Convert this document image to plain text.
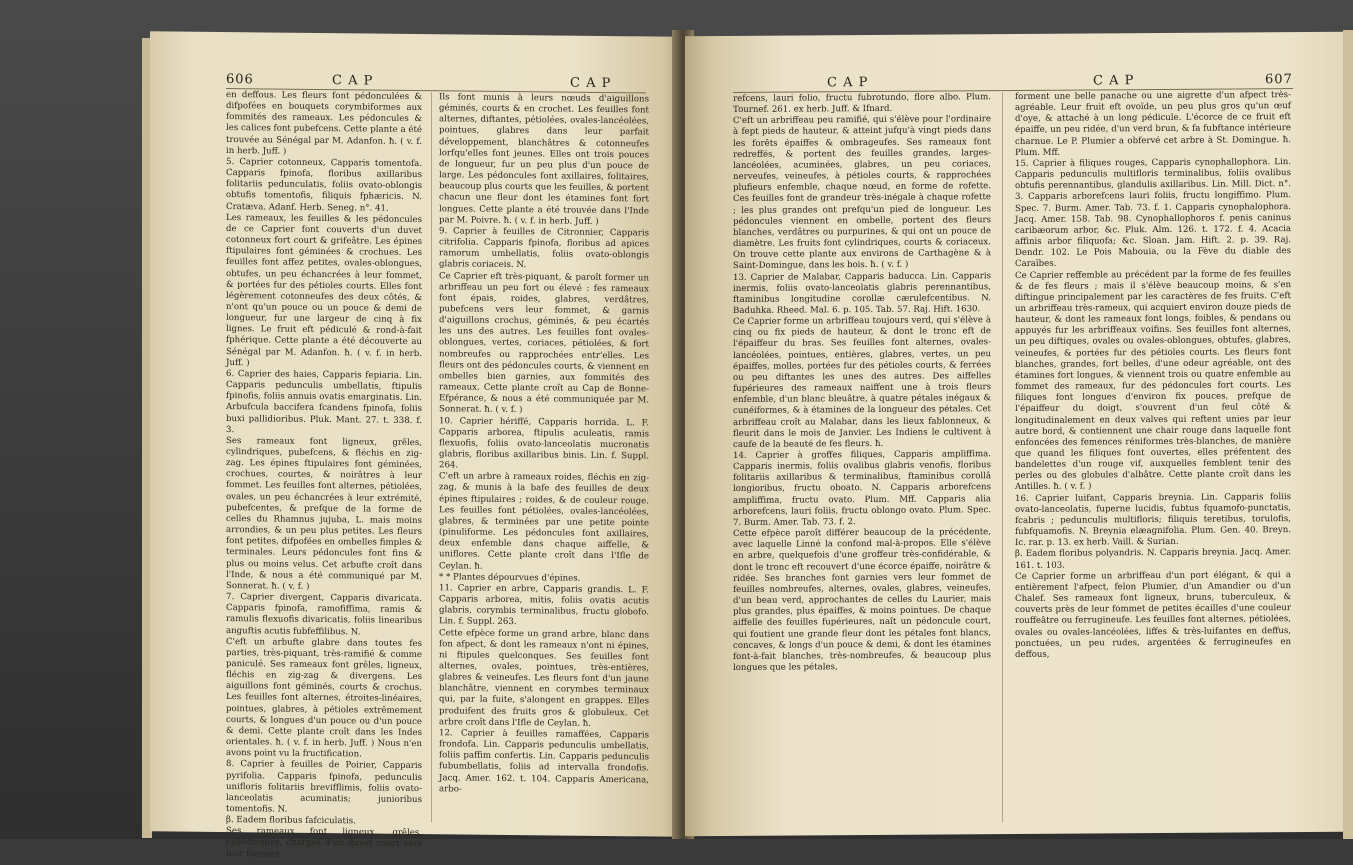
606	C A P	C A P
en deffous. Les fleurs font pédonculées & difpofées en bouquets corymbiformes aux fommités des rameaux. Les pédoncules & les calices font pubefcens. Cette plante a été trouvée au Sénégal par M. Adanfon. ħ. ( v. f. in herb. Juff. )
5. Caprier cotonneux, Capparis tomentofa. Capparis fpinofa, floribus axillaribus folitariis pedunculatis, foliis ovato-oblongis obtufis tomentofis, filiquis fphæricis. N. Cratæva. Adanf. Herb. Seneg. n°. 41.
Les rameaux, les feuilles & les pédoncules de ce Caprier font couverts d'un duvet cotonneux fort court & grifeâtre. Les épines ftipulaires font géminées & crochues. Les feuilles font affez petites, ovales-oblongues, obtufes, un peu échancrées à leur fommet, & portées fur des pétioles courts. Elles font légèrement cotonneufes des deux côtés, & n'ont qu'un pouce ou un pouce & demi de longueur, fur une largeur de cinq à fix lignes. Le fruit eft pédiculé & rond-à-fait fphérique. Cette plante a été découverte au Sénégal par M. Adanfon. ħ. ( v. f. in herb. Juff. )
6. Caprier des haies, Capparis fepiaria. Lin. Capparis pedunculis umbellatis, ftipulis fpinofis, foliis annuis ovatis emarginatis. Lin. Arbufcula baccifera fcandens fpinofa, foliis buxi pallidioribus. Pluk. Mant. 27. t. 338. f. 3.
Ses rameaux font ligneux, grêles, cylindriques, pubefcens, & fléchis en zig-zag. Les épines ftipulaires font géminées, crochues, courtes, & noirâtres à leur fommet. Les feuilles font alternes, pétiolées, ovales, un peu échancrées à leur extrémité, pubefcentes, & prefque de la forme de celles du Rhamnus jujuba, L. mais moins arrondies, & un peu plus petites. Les fleurs font petites, difpofées en ombelles fimples & terminales. Leurs pédoncules font fins & plus ou moins velus. Cet arbufte croît dans l'Inde, & nous a été communiqué par M. Sonnerat. ħ. ( v. f. )
7. Caprier divergent, Capparis divaricata. Capparis fpinofa, ramofiffima, ramis & ramulis flexuofis divaricatis, foliis linearibus anguftis acutis fubfeffilibus. N.
C'eft un arbufte glabre dans toutes fes parties, très-piquant, très-ramifié & comme paniculé. Ses rameaux font grêles, ligneux, fléchis en zig-zag & divergens. Les aiguillons font géminés, courts & crochus. Les feuilles font alternes, étroites-linéaires, pointues, glabres, à pétioles extrêmement courts, & longues d'un pouce ou d'un pouce & demi. Cette plante croît dans les Indes orientales. ħ. ( v. f. in herb. Juff. ) Nous n'en avons point vu la fructification.
8. Caprier à feuilles de Poirier, Capparis pyrifolia. Capparis fpinofa, pedunculis unifloris folitariis brevifflimis, foliis ovato-lanceolatis acuminatis; junioribus tomentofis. N.
β. Eadem floribus fafciculatis.
Ses rameaux font ligneux, grêles, cylindriques, chargés d'un duvet court vers leur fommet.
Ils font munis à leurs nœuds d'aiguillons géminés, courts & en crochet. Les feuilles font alternes, diftantes, pétiolées, ovales-lancéolées, pointues, glabres dans leur parfait développement, blanchâtres & cotonneufes lorfqu'elles font jeunes. Elles ont trois pouces de longueur, fur un peu plus d'un pouce de large. Les pédoncules font axillaires, folitaires, beaucoup plus courts que les feuilles, & portent chacun une fleur dont les étamines font fort longues. Cette plante a été trouvée dans l'Inde par M. Poivre. ħ. ( v. f. in herb. Juff. )
9. Caprier à feuilles de Citronnier, Capparis citrifolia. Capparis fpinofa, floribus ad apices ramorum umbellatis, foliis ovato-oblongis glabris coriaceis. N.
Ce Caprier eft très-piquant, & paroît former un arbriffeau un peu fort ou élevé : fes rameaux font épais, roides, glabres, verdâtres, pubefcens vers leur fommet, & garnis d'aiguillons crochus, géminés, & peu écartés les uns des autres. Les feuilles font ovales-oblongues, vertes, coriaces, pétiolées, & fort nombreufes ou rapprochées entr'elles. Les fleurs ont des pédoncules courts, & viennent en ombelles bien garnies, aux fommités des rameaux. Cette plante croît au Cap de Bonne-Efpérance, & nous a été communiquée par M. Sonnerat. ħ. ( v. f. )
10. Caprier hériffé, Capparis horrida. L. F. Capparis arborea, ftipulis aculeatis, ramis flexuofis, foliis ovato-lanceolatis mucronatis glabris, floribus axillaribus binis. Lin. f. Suppl. 264.
C'eft un arbre à rameaux roides, fléchis en zig-zag, & munis à la bafe des feuilles de deux épines ftipulaires ; roides, & de couleur rouge. Les feuilles font pétiolées, ovales-lancéolées, glabres, & terminées par une petite pointe (pinuliforme. Les pédoncules font axillaires, deux enfemble dans chaque aiffelle, & uniflores. Cette plante croît dans l'Ifle de Ceylan. ħ.
* * Plantes dépourvues d'épines.
11. Caprier en arbre, Capparis grandis. L. F. Capparis arborea, mitis, foliis ovatis acutis glabris, corymbis terminalibus, fructu globofo. Lin. f. Suppl. 263.
Cette efpèce forme un grand arbre, blanc dans fon afpect, & dont les rameaux n'ont ni épines, ni ftipules quelconques. Ses feuilles font alternes, ovales, pointues, très-entières, glabres & veineufes. Les fleurs font d'un jaune blanchâtre, viennent en corymbes terminaux qui, par la fuite, s'alongent en grappes. Elles produifent des fruits gros & globuleux. Cet arbre croît dans l'Ifle de Ceylan. ħ.
12. Caprier à feuilles ramaffées, Capparis frondofa. Lin. Capparis pedunculis umbellatis, foliis paffim confertis. Lin. Capparis pedunculis fubumbellatis, foliis ad intervalla frondofis. Jacq. Amer. 162. t. 104. Capparis Americana, arbo-
C A P	C A P	607
refcens, lauri folio, fructu fubrotundo, flore albo. Plum. Tournef. 261. ex herb. Juff. & Ifnard.
C'eft un arbriffeau peu ramifié, qui s'élève pour l'ordinaire à fept pieds de hauteur, & atteint jufqu'à vingt pieds dans les forêts épaiffes & ombrageufes. Ses rameaux font redreffés, & portent des feuilles grandes, larges-lancéolées, acuminées, glabres, un peu coriaces, nerveufes, veineufes, à pétioles courts, & rapprochées plufieurs enfemble, chaque nœud, en forme de rofette. Ces feuilles font de grandeur très-inégale à chaque rofette ; les plus grandes ont prefqu'un pied de longueur. Les pédoncules viennent en ombelle, portent des fleurs blanches, verdâtres ou purpurines, & qui ont un pouce de diamètre. Les fruits font cylindriques, courts & coriaceux. On trouve cette plante aux environs de Carthagène & à Saint-Domingue, dans les bois. ħ. ( v. f. )
13. Caprier de Malabar, Capparis baducca. Lin. Capparis inermis, foliis ovato-lanceolatis glabris perennantibus, ftaminibus longitudine corollæ cærulefcentibus. N. Baduhka. Rheed. Mal. 6. p. 105. Tab. 57. Raj. Hift. 1630.
Ce Caprier forme un arbriffeau toujours verd, qui s'élève à cinq ou fix pieds de hauteur, & dont le tronc eft de l'épaiffeur du bras. Ses feuilles font alternes, ovales-lancéolées, pointues, entières, glabres, vertes, un peu épaiffes, molles, portées fur des pétioles courts, & ferrées ou peu diftantes les unes des autres. Des aiffelles fupérieures des rameaux naiffent une à trois fleurs enfemble, d'un blanc bleuâtre, à quatre pétales inégaux & cunéiformes, & à étamines de la longueur des pétales. Cet arbriffeau croît au Malabar, dans les lieux fablonneux, & fleurit dans le mois de Janvier. Les Indiens le cultivent à caufe de la beauté de fes fleurs. ħ.
14. Caprier à groffes filiques, Capparis ampliffima. Capparis inermis, foliis ovalibus glabris venofis, floribus folitariis axillaribus & terminalibus, ftaminibus corollâ longioribus, fructu oboato. N. Capparis arborefcens ampliffima, fructu ovato. Plum. Mff. Capparis alia arborefcens, lauri foliis, fructu oblongo ovato. Plum. Spec. 7. Burm. Amer. Tab. 73. f. 2.
Cette efpèce paroît différer beaucoup de la précédente, avec laquelle Linné la confond mal-à-propos. Elle s'élève en arbre, quelquefois d'une groffeur très-confidérable, & dont le tronc eft recouvert d'une écorce épaiffe, noirâtre & ridée. Ses branches font garnies vers leur fommet de feuilles nombreufes, alternes, ovales, glabres, veineufes, d'un beau verd, approchantes de celles du Laurier, mais plus grandes, plus épaiffes, & moins pointues. De chaque aiffelle des feuilles fupérieures, naît un pédoncule court, qui foutient une grande fleur dont les pétales font blancs, concaves, & longs d'un pouce & demi, & dont les étamines font-à-fait blanches, très-nombreufes, & beaucoup plus longues que les pétales,
forment une belle panache ou une aigrette d'un afpect très-agréable. Leur fruit eft ovoïde, un peu plus gros qu'un œuf d'oye, & attaché à un long pédicule. L'écorce de ce fruit eft épaiffe, un peu ridée, d'un verd brun, & fa fubftance intérieure charnue. Le P. Plumier a obfervé cet arbre à St. Domingue. ħ. Plum. Mff.
15. Caprier à filiques rouges, Capparis cynophallophora. Lin. Capparis pedunculis multifloris terminalibus, foliis ovalibus obtufis perennantibus, glandulis axillaribus. Lin. Mill. Dict. n°. 3. Capparis arborefcens lauri foliis, fructu longiffimo. Plum. Spec. 7. Burm. Amer. Tab. 73. f. 1. Capparis cynophalophora. Jacq. Amer. 158. Tab. 98. Cynophallophoros f. penis caninus caribæorum arbor, &c. Pluk. Alm. 126. t. 172. f. 4. Acacia affinis arbor filiquofa; &c. Sloan. Jam. Hift. 2. p. 39. Raj. Dendr. 102. Le Pois Mabouia, ou la Fève du diable des Caraïbes.
Ce Caprier reffemble au précédent par la forme de fes feuilles & de fes fleurs ; mais il s'élève beaucoup moins, & s'en diftingue principalement par les caractères de fes fruits. C'eft un arbriffeau très-rameux, qui acquiert environ douze pieds de hauteur, & dont les rameaux font longs, foibles, & pendans ou appuyés fur les arbriffeaux voifins. Ses feuilles font alternes, un peu diftiques, ovales ou ovales-oblongues, obtufes, glabres, veineufes, & portées fur des pétioles courts. Les fleurs font blanches, grandes, fort belles, d'une odeur agréable, ont des étamines fort longues, & viennent trois ou quatre enfemble au fommet des rameaux, fur des pédoncules fort courts. Les filiques font longues d'environ fix pouces, prefque de l'épaiffeur du doigt, s'ouvrent d'un feul côté & longitudinalement en deux valves qui reftent unies par leur autre bord, & contiennent une chair rouge dans laquelle font enfoncées des femences réniformes très-blanches, de manière que quand les filiques font ouvertes, elles préfentent des bandelettes d'un rouge vif, auxquelles femblent tenir des perles ou des globules d'albâtre. Cette plante croît dans les Antilles. ħ. ( v. f. )
16. Caprier luifant, Capparis breynia. Lin. Capparis foliis ovato-lanceolatis, fuperne lucidis, fubtus fquamofo-punctatis, fcabris ; pedunculis multifloris; filiquis teretibus, torulofis, fubfquamofis. N. Breynia elæagnifolia. Plum. Gen. 40. Breyn. Ic. rar. p. 13. ex herb. Vaill. & Surian.
β. Eadem floribus polyandris. N. Capparis breynia. Jacq. Amer. 161. t. 103.
Ce Caprier forme un arbriffeau d'un port élégant, & qui a entièrement l'afpect, felon Plumier, d'un Amandier ou d'un Chalef. Ses rameaux font ligneux, bruns, tuberculeux, & couverts près de leur fommet de petites écailles d'une couleur rouffeâtre ou ferrugineufe. Les feuilles font alternes, pétiolées, ovales ou ovales-lancéolées, liffes & très-luifantes en deffus, ponctuées, un peu rudes, argentées & ferrugineufes en deffous,
